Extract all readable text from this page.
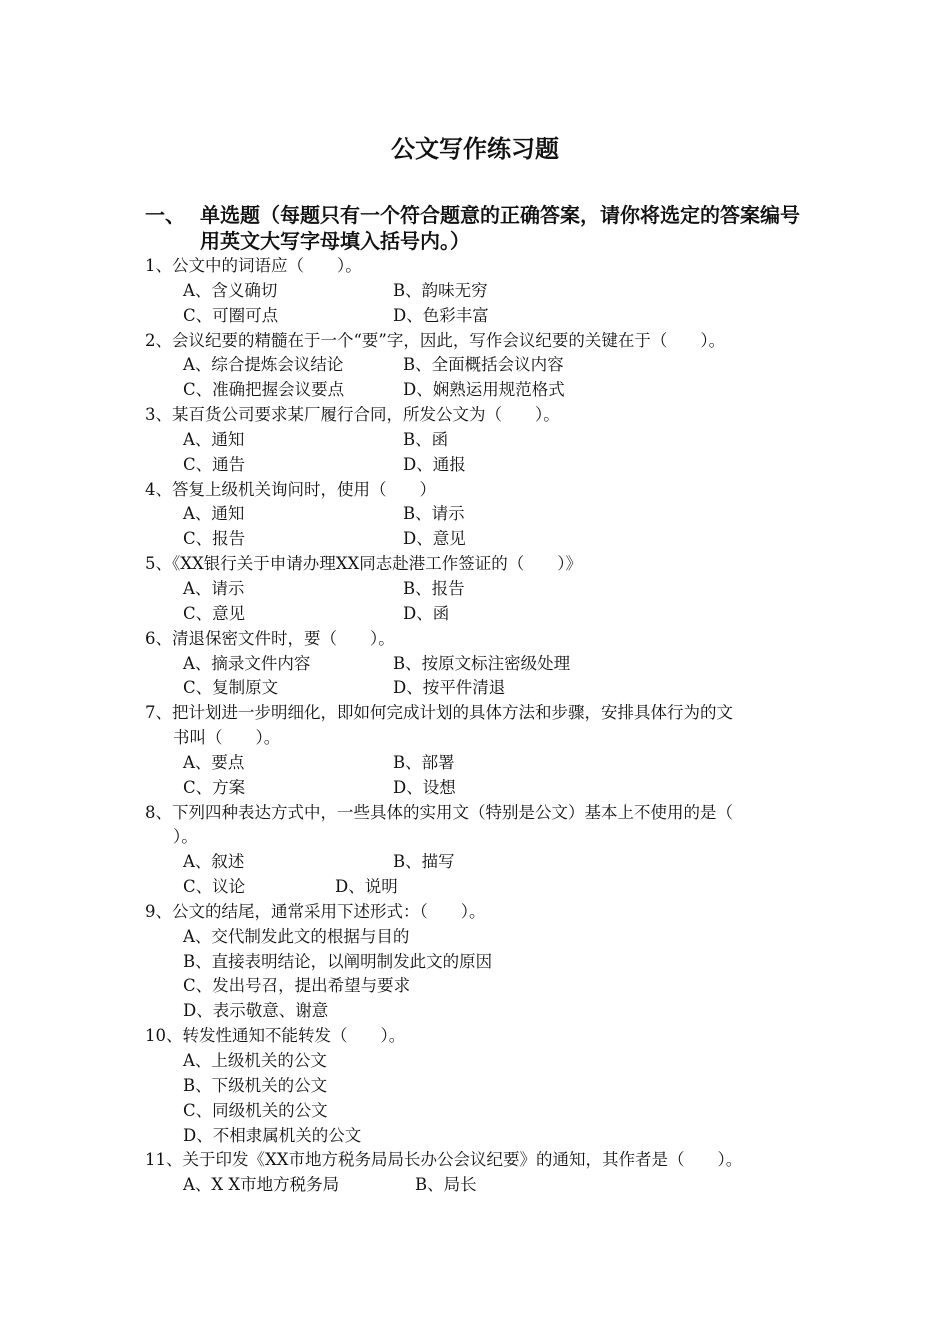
公文写作练习题
一、 单选题（每题只有一个符合题意的正确答案，请你将选定的答案编号用英文大写字母填入括号内。）
1、公文中的词语应（　　）。
A、含义确切	B、韵味无穷
C、可圈可点	D、色彩丰富
2、会议纪要的精髓在于一个“要”字，因此，写作会议纪要的关键在于（　　）。
A、综合提炼会议结论	B、全面概括会议内容
C、准确把握会议要点	D、娴熟运用规范格式
3、某百货公司要求某厂履行合同，所发公文为（　　）。
A、通知	B、函
C、通告	D、通报
4、答复上级机关询问时，使用（　　）
A、通知	B、请示
C、报告	D、意见
5、《XX银行关于申请办理XX同志赴港工作签证的（　　）》
A、请示	B、报告
C、意见	D、函
6、清退保密文件时，要（　　）。
A、摘录文件内容	B、按原文标注密级处理
C、复制原文	D、按平件清退
7、把计划进一步明细化，即如何完成计划的具体方法和步骤，安排具体行为的文
书叫（　　）。
A、要点	B、部署
C、方案	D、设想
8、下列四种表达方式中，一些具体的实用文（特别是公文）基本上不使用的是（
）。
A、叙述	B、描写
C、议论	D、说明
9、公文的结尾，通常采用下述形式：（　　）。
A、交代制发此文的根据与目的
B、直接表明结论，以阐明制发此文的原因
C、发出号召，提出希望与要求
D、表示敬意、谢意
10、转发性通知不能转发（　　）。
A、上级机关的公文
B、下级机关的公文
C、同级机关的公文
D、不相隶属机关的公文
11、关于印发《XX市地方税务局局长办公会议纪要》的通知，其作者是（　　）。
A、X X市地方税务局	B、局长
